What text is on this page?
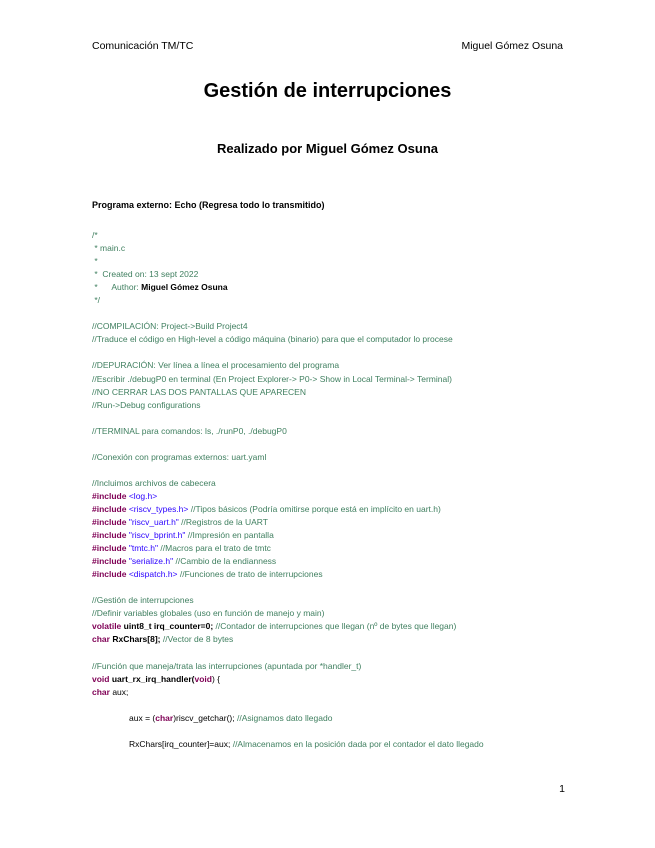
Comunicación TM/TC	Miguel Gómez Osuna
Gestión de interrupciones
Realizado por Miguel Gómez Osuna
Programa externo: Echo (Regresa todo lo transmitido)
/*
* main.c
*
*  Created on: 13 sept 2022
*      Author: Miguel Gómez Osuna
*/
//COMPILACIÓN: Project->Build Project4
//Traduce el código en High-level a código máquina (binario) para que el computador lo procese
//DEPURACIÓN: Ver línea a línea el procesamiento del programa
//Escribir ./debugP0 en terminal (En Project Explorer-> P0-> Show in Local Terminal-> Terminal)
//NO CERRAR LAS DOS PANTALLAS QUE APARECEN
//Run->Debug configurations
//TERMINAL para comandos: ls, ./runP0, ./debugP0
//Conexión con programas externos: uart.yaml
//Incluimos archivos de cabecera
#include <log.h>
#include <riscv_types.h> //Tipos básicos (Podría omitirse porque está en implícito en uart.h)
#include "riscv_uart.h" //Registros de la UART
#include "riscv_bprint.h" //Impresión en pantalla
#include "tmtc.h" //Macros para el trato de tmtc
#include "serialize.h" //Cambio de la endianness
#include <dispatch.h> //Funciones de trato de interrupciones
//Gestión de interrupciones
//Definir variables globales (uso en función de manejo y main)
volatile uint8_t irq_counter=0; //Contador de interrupciones que llegan (nº de bytes que llegan)
char RxChars[8]; //Vector de 8 bytes
//Función que maneja/trata las interrupciones (apuntada por *handler_t)
void uart_rx_irq_handler(void) {
char aux;
aux = (char)riscv_getchar(); //Asignamos dato llegado
RxChars[irq_counter]=aux; //Almacenamos en la posición dada por el contador el dato llegado
1
